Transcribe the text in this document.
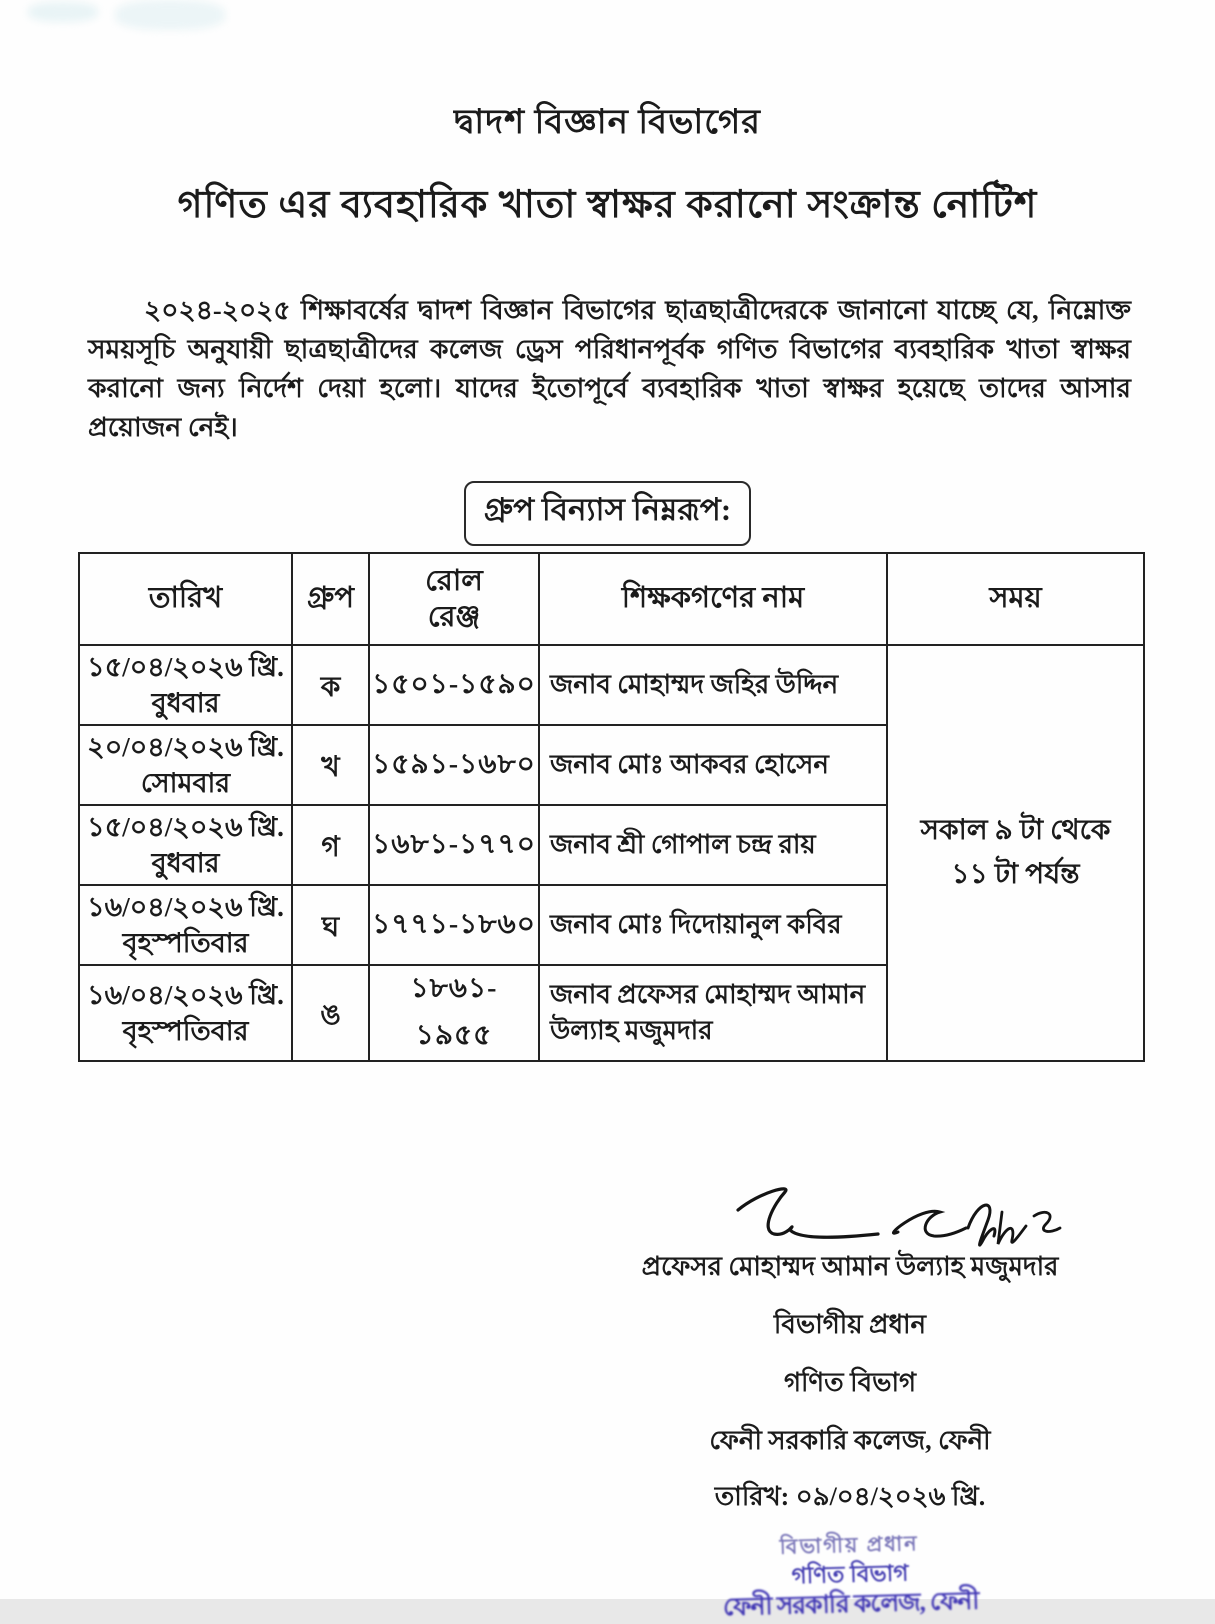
দ্বাদশ বিজ্ঞান বিভাগের
গণিত এর ব্যবহারিক খাতা স্বাক্ষর করানো সংক্রান্ত নোটিশ

২০২৪-২০২৫ শিক্ষাবর্ষের দ্বাদশ বিজ্ঞান বিভাগের ছাত্রছাত্রীদেরকে জানানো যাচ্ছে যে, নিম্নোক্ত সময়সূচি অনুযায়ী ছাত্রছাত্রীদের কলেজ ড্রেস পরিধানপূর্বক গণিত বিভাগের ব্যবহারিক খাতা স্বাক্ষর করানো জন্য নির্দেশ দেয়া হলো। যাদের ইতোপূর্বে ব্যবহারিক খাতা স্বাক্ষর হয়েছে তাদের আসার প্রয়োজন নেই।

গ্রুপ বিন্যাস নিম্নরূপ:
তারিখ	গ্রুপ	রোল রেঞ্জ	শিক্ষকগণের নাম	সময়
১৫/০৪/২০২৬ খ্রি.
বুধবার	ক	১৫০১-১৫৯০	জনাব মোহাম্মদ জহির উদ্দিন	সকাল ৯ টা থেকে ১১ টা পর্যন্ত
২০/০৪/২০২৬ খ্রি.
সোমবার	খ	১৫৯১-১৬৮০	জনাব মোঃ আকবর হোসেন	
১৫/০৪/২০২৬ খ্রি.
বুধবার	গ	১৬৮১-১৭৭০	জনাব শ্রী গোপাল চন্দ্র রায়	
১৬/০৪/২০২৬ খ্রি.
বৃহস্পতিবার	ঘ	১৭৭১-১৮৬০	জনাব মোঃ দিদোয়ানুল কবির	
১৬/০৪/২০২৬ খ্রি.
বৃহস্পতিবার	ঙ	১৮৬১- ১৯৫৫	জনাব প্রফেসর মোহাম্মদ আমান উল্যাহ মজুমদার	
প্রফেসর মোহাম্মদ আমান উল্যাহ মজুমদার
বিভাগীয় প্রধান
গণিত বিভাগ
ফেনী সরকারি কলেজ, ফেনী
তারিখ: ০৯/০৪/২০২৬ খ্রি.
বিভাগীয় প্রধান
গণিত বিভাগ
ফেনী সরকারি কলেজ, ফেনী
